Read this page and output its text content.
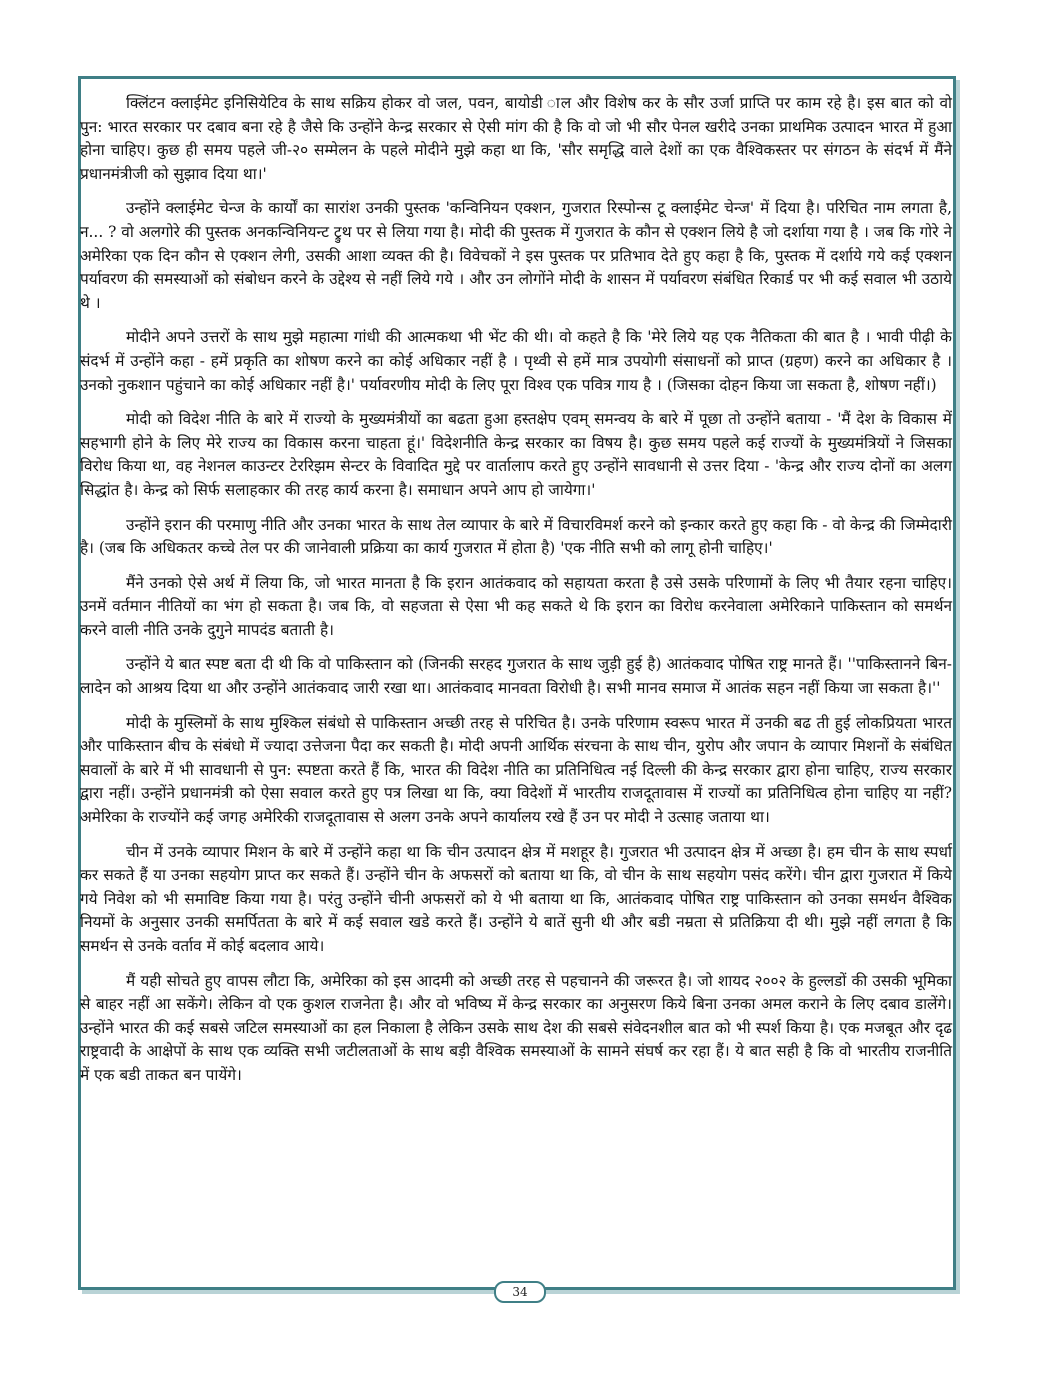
क्लिंटन क्लाईमेट इनिसियेटिव के साथ सक्रिय होकर वो जल, पवन, बायोडी ाल और विशेष कर के सौर उर्जा प्राप्ति पर काम रहे है। इस बात को वो पुन: भारत सरकार पर दबाव बना रहे है जैसे कि उन्होंने केन्द्र सरकार से ऐसी मांग की है कि वो जो भी सौर पेनल खरीदे उनका प्राथमिक उत्पादन भारत में हुआ होना चाहिए। कुछ ही समय पहले जी-२० सम्मेलन के पहले मोदीने मुझे कहा था कि, 'सौर समृद्धि वाले देशों का एक वैश्विकस्तर पर संगठन के संदर्भ में मैंने प्रधानमंत्रीजी को सुझाव दिया था।'

उन्होंने क्लाईमेट चेन्ज के कार्यों का सारांश उनकी पुस्तक 'कन्विनियन एक्शन, गुजरात रिस्पोन्स टू क्लाईमेट चेन्ज' में दिया है। परिचित नाम लगता है, न... ? वो अलगोरे की पुस्तक अनकन्विनियन्ट ट्रुथ पर से लिया गया है। मोदी की पुस्तक में गुजरात के कौन से एक्शन लिये है जो दर्शाया गया है । जब कि गोरे ने अमेरिका एक दिन कौन से एक्शन लेगी, उसकी आशा व्यक्त की है। विवेचकों ने इस पुस्तक पर प्रतिभाव देते हुए कहा है कि, पुस्तक में दर्शाये गये कई एक्शन पर्यावरण की समस्याओं को संबोधन करने के उद्देश्य से नहीं लिये गये । और उन लोगोंने मोदी के शासन में पर्यावरण संबंधित रिकार्ड पर भी कई सवाल भी उठाये थे ।

मोदीने अपने उत्तरों के साथ मुझे महात्मा गांधी की आत्मकथा भी भेंट की थी। वो कहते है कि 'मेरे लिये यह एक नैतिकता की बात है । भावी पीढ़ी के संदर्भ में उन्होंने कहा - हमें प्रकृति का शोषण करने का कोई अधिकार नहीं है । पृथ्वी से हमें मात्र उपयोगी संसाधनों को प्राप्त (ग्रहण) करने का अधिकार है । उनको नुकशान पहुंचाने का कोई अधिकार नहीं है।' पर्यावरणीय मोदी के लिए पूरा विश्व एक पवित्र गाय है । (जिसका दोहन किया जा सकता है, शोषण नहीं।)

मोदी को विदेश नीति के बारे में राज्यो के मुख्यमंत्रीयों का बढता हुआ हस्तक्षेप एवम् समन्वय के बारे में पूछा तो उन्होंने बताया - 'मैं देश के विकास में सहभागी होने के लिए मेरे राज्य का विकास करना चाहता हूं।' विदेशनीति केन्द्र सरकार का विषय है। कुछ समय पहले कई राज्यों के मुख्यमंत्रियों ने जिसका विरोध किया था, वह नेशनल काउन्टर टेररिझम सेन्टर के विवादित मुद्दे पर वार्तालाप करते हुए उन्होंने सावधानी से उत्तर दिया - 'केन्द्र और राज्य दोनों का अलग सिद्धांत है। केन्द्र को सिर्फ सलाहकार की तरह कार्य करना है। समाधान अपने आप हो जायेगा।'

उन्होंने इरान की परमाणु नीति और उनका भारत के साथ तेल व्यापार के बारे में विचारविमर्श करने को इन्कार करते हुए कहा कि - वो केन्द्र की जिम्मेदारी है। (जब कि अधिकतर कच्चे तेल पर की जानेवाली प्रक्रिया का कार्य गुजरात में होता है) 'एक नीति सभी को लागू होनी चाहिए।'

मैंने उनको ऐसे अर्थ में लिया कि, जो भारत मानता है कि इरान आतंकवाद को सहायता करता है उसे उसके परिणामों के लिए भी तैयार रहना चाहिए। उनमें वर्तमान नीतियों का भंग हो सकता है। जब कि, वो सहजता से ऐसा भी कह सकते थे कि इरान का विरोध करनेवाला अमेरिकाने पाकिस्तान को समर्थन करने वाली नीति उनके दुगुने मापदंड बताती है।

उन्होंने ये बात स्पष्ट बता दी थी कि वो पाकिस्तान को (जिनकी सरहद गुजरात के साथ जुड़ी हुई है) आतंकवाद पोषित राष्ट्र मानते हैं। ''पाकिस्तानने बिन-लादेन को आश्रय दिया था और उन्होंने आतंकवाद जारी रखा था। आतंकवाद मानवता विरोधी है। सभी मानव समाज में आतंक सहन नहीं किया जा सकता है।''

मोदी के मुस्लिमों के साथ मुश्किल संबंधो से पाकिस्तान अच्छी तरह से परिचित है। उनके परिणाम स्वरूप भारत में उनकी बढ ती हुई लोकप्रियता भारत और पाकिस्तान बीच के संबंधो में ज्यादा उत्तेजना पैदा कर सकती है। मोदी अपनी आर्थिक संरचना के साथ चीन, युरोप और जपान के व्यापार मिशनों के संबंधित सवालों के बारे में भी सावधानी से पुन: स्पष्टता करते हैं कि, भारत की विदेश नीति का प्रतिनिधित्व नई दिल्ली की केन्द्र सरकार द्वारा होना चाहिए, राज्य सरकार द्वारा नहीं। उन्होंने प्रधानमंत्री को ऐसा सवाल करते हुए पत्र लिखा था कि, क्या विदेशों में भारतीय राजदूतावास में राज्यों का प्रतिनिधित्व होना चाहिए या नहीं? अमेरिका के राज्योंने कई जगह अमेरिकी राजदूतावास से अलग उनके अपने कार्यालय रखे हैं उन पर मोदी ने उत्साह जताया था।

चीन में उनके व्यापार मिशन के बारे में उन्होंने कहा था कि चीन उत्पादन क्षेत्र में मशहूर है। गुजरात भी उत्पादन क्षेत्र में अच्छा है। हम चीन के साथ स्पर्धा कर सकते हैं या उनका सहयोग प्राप्त कर सकते हैं। उन्होंने चीन के अफसरों को बताया था कि, वो चीन के साथ सहयोग पसंद करेंगे। चीन द्वारा गुजरात में किये गये निवेश को भी समाविष्ट किया गया है। परंतु उन्होंने चीनी अफसरों को ये भी बताया था कि, आतंकवाद पोषित राष्ट्र पाकिस्तान को उनका समर्थन वैश्विक नियमों के अनुसार उनकी समर्पितता के बारे में कई सवाल खडे करते हैं। उन्होंने ये बातें सुनी थी और बडी नम्रता से प्रतिक्रिया दी थी। मुझे नहीं लगता है कि समर्थन से उनके वर्ताव में कोई बदलाव आये।

मैं यही सोचते हुए वापस लौटा कि, अमेरिका को इस आदमी को अच्छी तरह से पहचानने की जरूरत है। जो शायद २००२ के हुल्लडों की उसकी भूमिका से बाहर नहीं आ सकेंगे। लेकिन वो एक कुशल राजनेता है। और वो भविष्य में केन्द्र सरकार का अनुसरण किये बिना उनका अमल कराने के लिए दबाव डालेंगे। उन्होंने भारत की कई सबसे जटिल समस्याओं का हल निकाला है लेकिन उसके साथ देश की सबसे संवेदनशील बात को भी स्पर्श किया है। एक मजबूत और दृढ राष्ट्रवादी के आक्षेपों के साथ एक व्यक्ति सभी जटीलताओं के साथ बड़ी वैश्विक समस्याओं के सामने संघर्ष कर रहा हैं। ये बात सही है कि वो भारतीय राजनीति में एक बडी ताकत बन पायेंगे।

34
